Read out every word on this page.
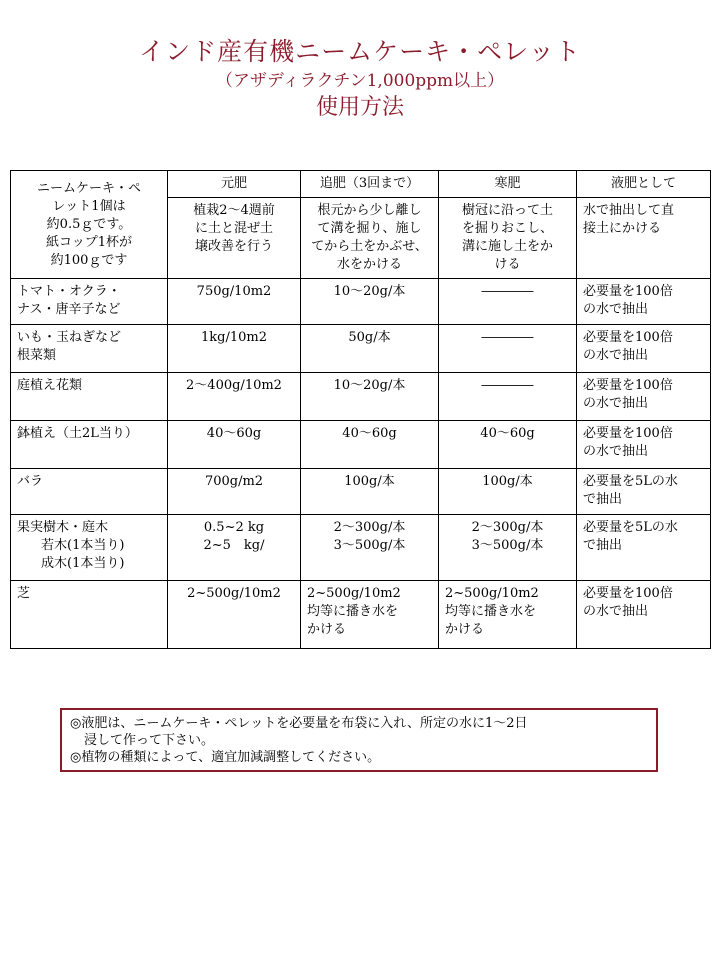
インド産有機ニームケーキ・ペレット
（アザディラクチン1,000ppm以上）
使用方法
ニームケーキ・ペ
レット1個は
約0.5ｇです。
紙コップ1杯が
約100ｇです	元肥	追肥（3回まで）	寒肥	液肥として

	植栽2～4週前
に土と混ぜ土
壌改善を行う	根元から少し離し
て溝を掘り、施し
てから土をかぶせ、
水をかける	樹冠に沿って土
を掘りおこし、
溝に施し土をか
ける	水で抽出して直
接土にかける

トマト・オクラ・
ナス・唐辛子など	750g/10m2	10～20g/本	――――	必要量を100倍
の水で抽出

いも・玉ねぎなど
根菜類	1kg/10m2	50g/本	――――	必要量を100倍
の水で抽出

庭植え花類	2～400g/10m2	10～20g/本	――――	必要量を100倍
の水で抽出

鉢植え（土2L当り）	40～60g	40～60g	40～60g	必要量を100倍
の水で抽出

バラ	700g/m2	100g/本	100g/本	必要量を5Lの水
で抽出

果実樹木・庭木
若木(1本当り)
成木(1本当り)	0.5~2 kg
2~5　kg/	2～300g/本
3～500g/本	2～300g/本
3～500g/本	必要量を5Lの水
で抽出

芝	2~500g/10m2	2~500g/10m2
均等に播き水を
かける	2~500g/10m2
均等に播き水を
かける	必要量を100倍
の水で抽出
◎液肥は、ニームケーキ・ペレットを必要量を布袋に入れ、所定の水に1～2日
浸して作って下さい。
◎植物の種類によって、適宜加減調整してください。
